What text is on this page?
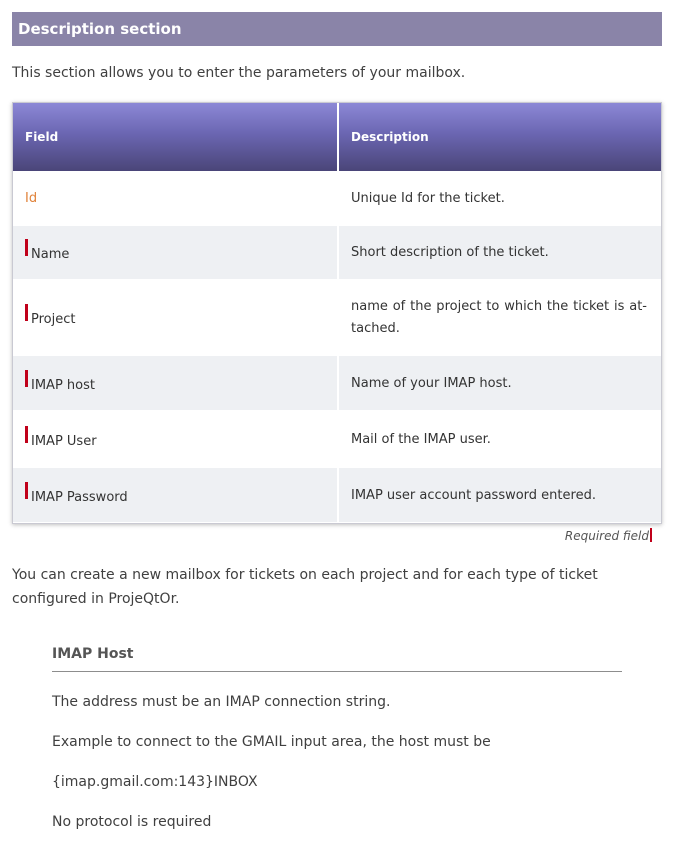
Description section
This section allows you to enter the parameters of your mailbox.
Field	Description
Id	Unique Id for the ticket.
Name	Short description of the ticket.
Project	name of the project to which the ticket is at-tached.
IMAP host	Name of your IMAP host.
IMAP User	Mail of the IMAP user.
IMAP Password	IMAP user account password entered.
Required field
You can create a new mailbox for tickets on each project and for each type of ticket configured in ProjeQtOr.
IMAP Host
The address must be an IMAP connection string.
Example to connect to the GMAIL input area, the host must be
{imap.gmail.com:143}INBOX
No protocol is required
